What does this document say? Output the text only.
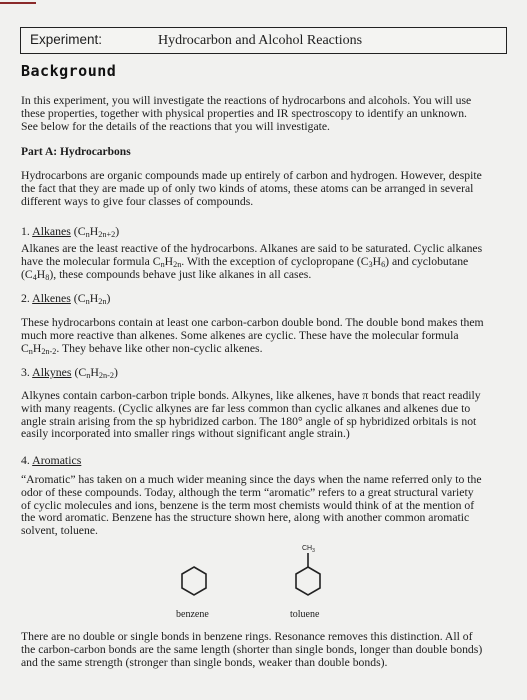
Experiment:	Hydrocarbon and Alcohol Reactions
Background

In this experiment, you will investigate the reactions of hydrocarbons and alcohols. You will use these properties, together with physical properties and IR spectroscopy to identify an unknown. See below for the details of the reactions that you will investigate.

Part A: Hydrocarbons

Hydrocarbons are organic compounds made up entirely of carbon and hydrogen. However, despite the fact that they are made up of only two kinds of atoms, these atoms can be arranged in several different ways to give four classes of compounds.

1. Alkanes $(C_nH_{2n+2})$

Alkanes are the least reactive of the hydrocarbons. Alkanes are said to be saturated. Cyclic alkanes have the molecular formula $C_nH_{2n}$. With the exception of cyclopropane $(C_3H_6)$ and cyclobutane $(C_4H_8)$, these compounds behave just like alkanes in all cases.

2. Alkenes $(C_nH_{2n})$

These hydrocarbons contain at least one carbon-carbon double bond. The double bond makes them much more reactive than alkenes. Some alkenes are cyclic. These have the molecular formula $C_nH_{2n-2}$. They behave like other non-cyclic alkenes.

3. Alkynes $(C_nH_{2n-2})$

Alkynes contain carbon-carbon triple bonds. Alkynes, like alkenes, have π bonds that react readily with many reagents. (Cyclic alkynes are far less common than cyclic alkanes and alkenes due to angle strain arising from the sp hybridized carbon. The 180° angle of sp hybridized orbitals is not easily incorporated into smaller rings without significant angle strain.)

4. Aromatics

“Aromatic” has taken on a much wider meaning since the days when the name referred only to the odor of these compounds. Today, although the term “aromatic” refers to a great structural variety of cyclic molecules and ions, benzene is the term most chemists would think of at the mention of the word aromatic. Benzene has the structure shown here, along with another common aromatic solvent, toluene.

$CH_3$
benzene	toluene

There are no double or single bonds in benzene rings. Resonance removes this distinction. All of the carbon-carbon bonds are the same length (shorter than single bonds, longer than double bonds) and the same strength (stronger than single bonds, weaker than double bonds).
